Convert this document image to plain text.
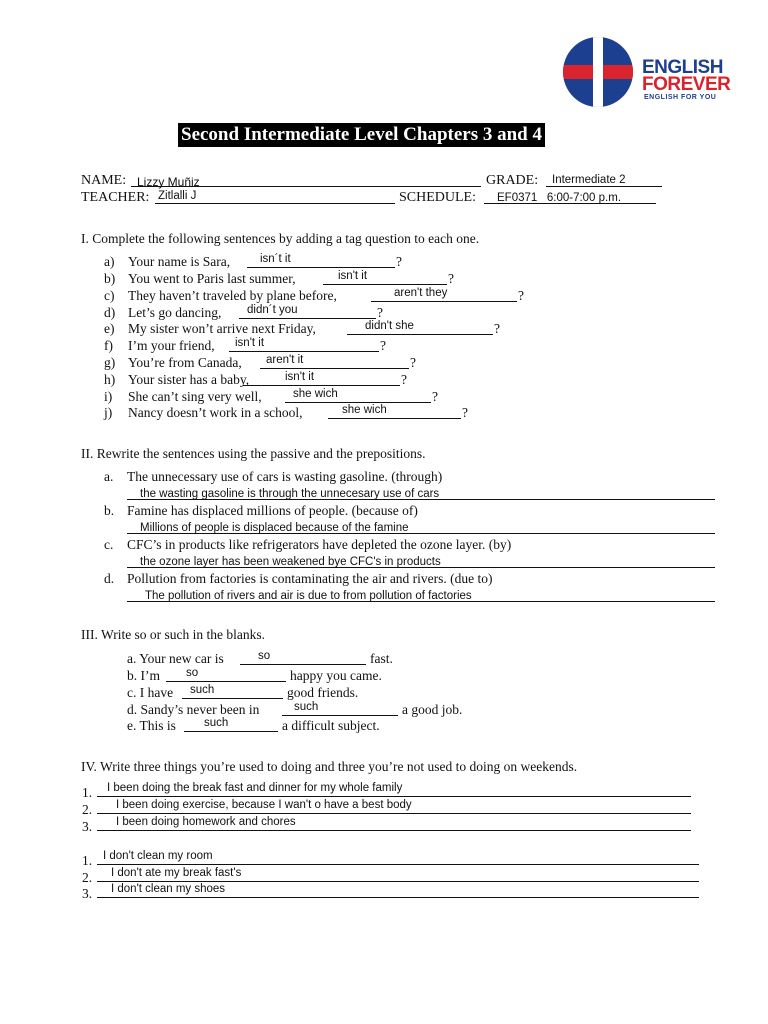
ENGLISH
FOREVER
ENGLISH FOR YOU
Second Intermediate Level Chapters 3 and 4
NAME: Lizzy Muñiz	GRADE: Intermediate 2
TEACHER: Zitlalli J	SCHEDULE: EF0371   6:00-7:00 p.m.
I. Complete the following sentences by adding a tag question to each one.
a) Your name is Sara,	isn´t it	?
b) You went to Paris last summer,	isn't it	?
c) They haven’t traveled by plane before,	aren't they	?
d) Let’s go dancing, didn´t you	?
e) My sister won’t arrive next Friday,	didn't she	?
f) I’m your friend, isn't it	?
g) You’re from Canada, aren't it	?
h) Your sister has a baby,	isn't it	?
i) She can’t sing very well,	she wich	?
j) Nancy doesn’t work in a school,	she wich	?
II. Rewrite the sentences using the passive and the prepositions.
a. The unnecessary use of cars is wasting gasoline. (through)
the wasting gasoline is through the unnecesary use of cars
b. Famine has displaced millions of people. (because of)
Millions of people is displaced because of the famine
c. CFC’s in products like refrigerators have depleted the ozone layer. (by)
the ozone layer has been weakened bye CFC's in products
d. Pollution from factories is contaminating the air and rivers. (due to)
The pollution of rivers and air is due to from pollution of factories
III. Write so or such in the blanks.
a. Your new car is	so	fast.
b. I’m so	happy you came.
c. I have such	good friends.
d. Sandy’s never been in	such	a good job.
e. This is such	a difficult subject.
IV. Write three things you’re used to doing and three you’re not used to doing on weekends.
1. I been doing the break fast and dinner for my whole family
2. I been doing exercise, because I wan't o have a best body
3. I been doing homework and chores
1. I don't clean my room
2. I don't ate my break fast's
3. I don't clean my shoes
